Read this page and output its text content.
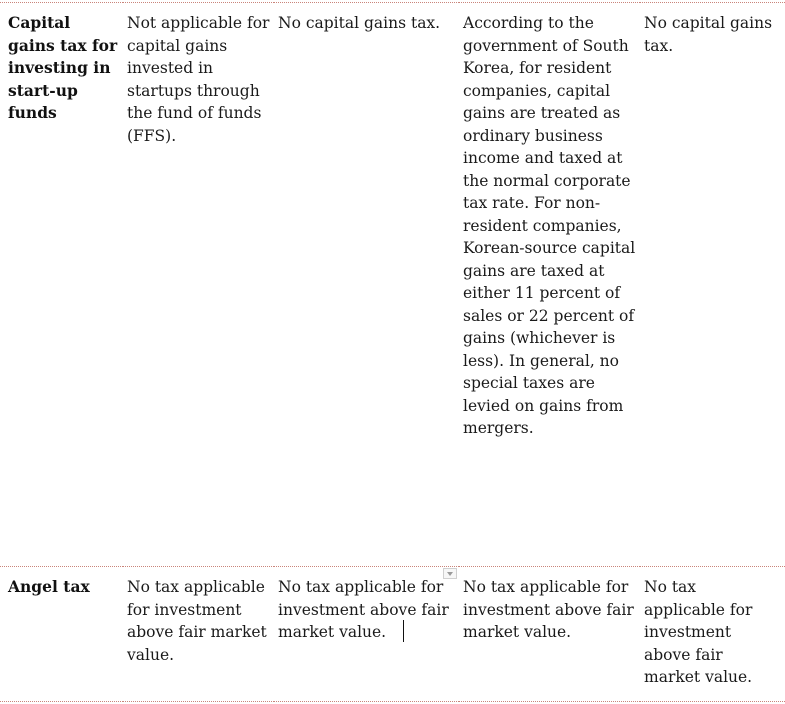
Capital gains tax for investing in start-up funds	Not applicable for capital gains invested in startups through the fund of funds (FFS).	No capital gains tax.	According to the government of South Korea, for resident companies, capital gains are treated as ordinary business income and taxed at the normal corporate tax rate. For non-resident companies, Korean-source capital gains are taxed at either 11 percent of sales or 22 percent of gains (whichever is less). In general, no special taxes are levied on gains from mergers.	No capital gains tax.
Angel tax	No tax applicable for investment above fair market value.	No tax applicable for investment above fair market value.	No tax applicable for investment above fair market value.	No tax applicable for investment above fair market value.
